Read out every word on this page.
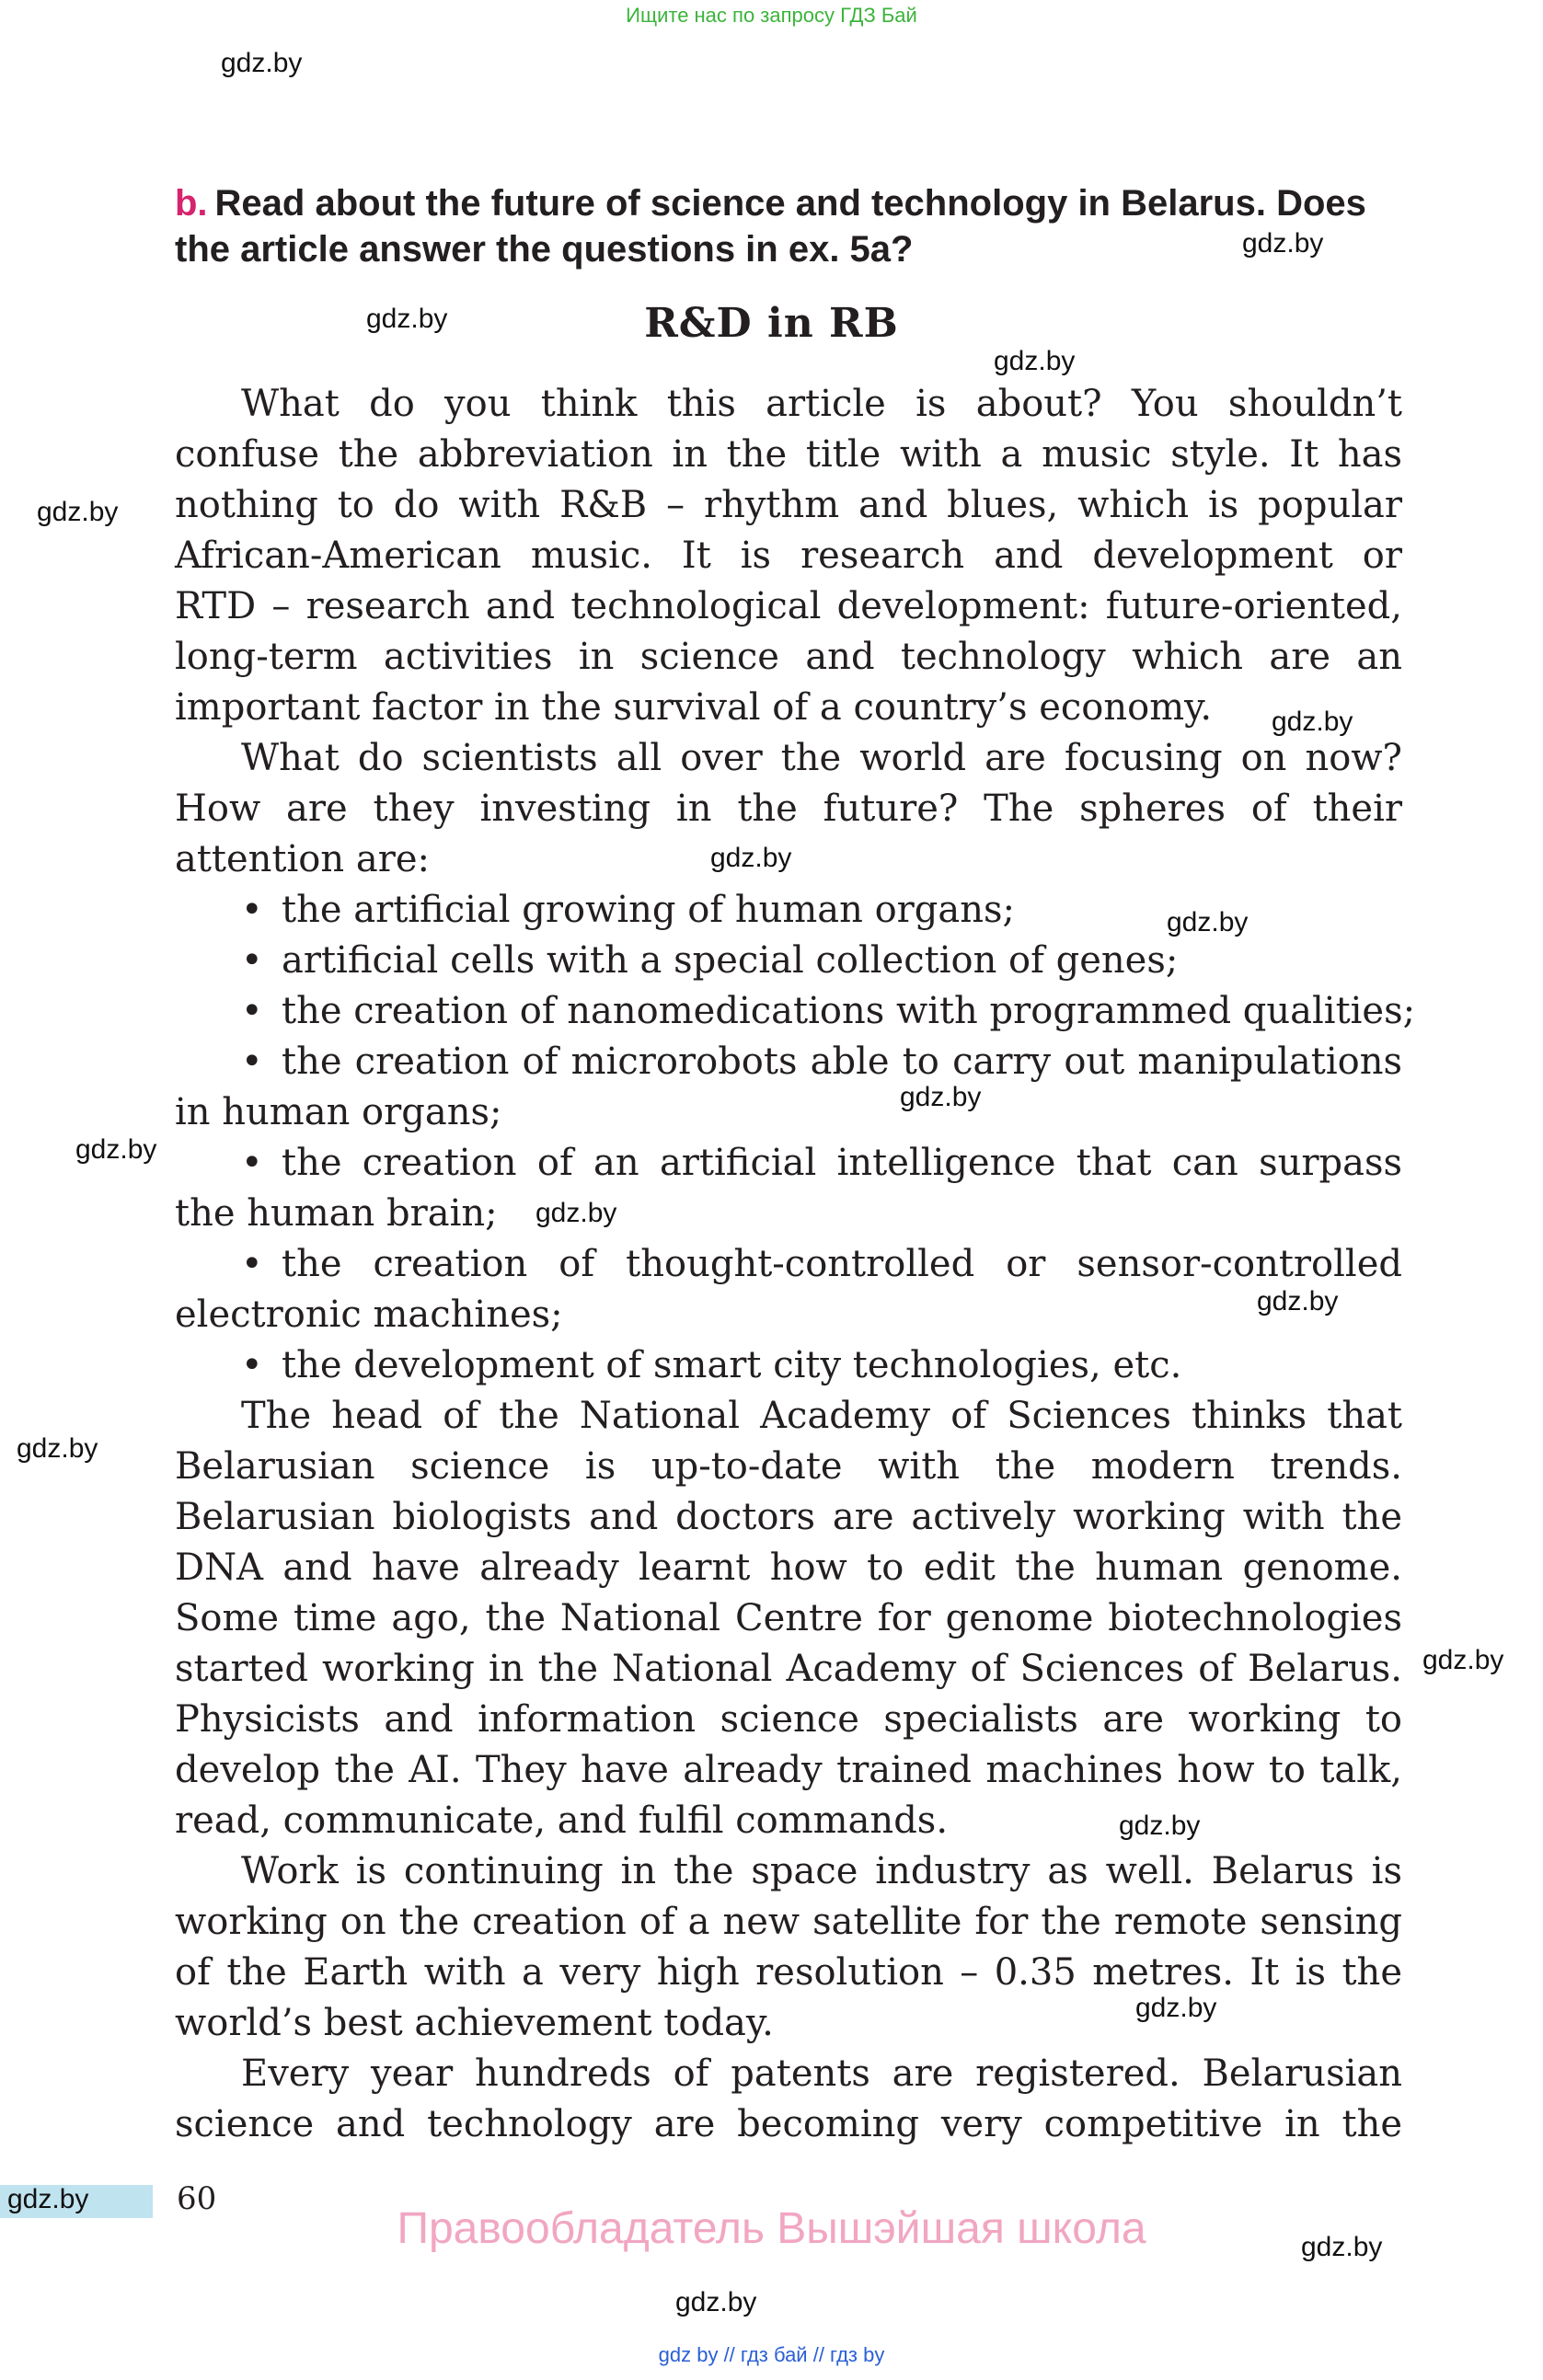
Ищите нас по запросу ГДЗ Бай
gdz.by
gdz.by
gdz.by
gdz.by
gdz.by
gdz.by
gdz.by
gdz.by
gdz.by
gdz.by
gdz.by
gdz.by
gdz.by
gdz.by
gdz.by
gdz.by
gdz.by
gdz.by
b. Read about the future of science and technology in Belarus. Does
the article answer the questions in ex. 5a?
R&D in RB
What do you think this article is about? You shouldn’t
confuse the abbreviation in the title with a music style. It has
nothing to do with R&B – rhythm and blues, which is popular
African-American music. It is research and development or
RTD – research and technological development: future-oriented,
long-term activities in science and technology which are an
important factor in the survival of a country’s economy.
What do scientists all over the world are focusing on now?
How are they investing in the future? The spheres of their
attention are:
• the artificial growing of human organs;
• artificial cells with a special collection of genes;
• the creation of nanomedications with programmed qualities;
• the creation of microrobots able to carry out manipulations
in human organs;
• the creation of an artificial intelligence that can surpass
the human brain;
• the creation of thought-controlled or sensor-controlled
electronic machines;
• the development of smart city technologies, etc.
The head of the National Academy of Sciences thinks that
Belarusian science is up-to-date with the modern trends.
Belarusian biologists and doctors are actively working with the
DNA and have already learnt how to edit the human genome.
Some time ago, the National Centre for genome biotechnologies
started working in the National Academy of Sciences of Belarus.
Physicists and information science specialists are working to
develop the AI. They have already trained machines how to talk,
read, communicate, and fulfil commands.
Work is continuing in the space industry as well. Belarus is
working on the creation of a new satellite for the remote sensing
of the Earth with a very high resolution – 0.35 metres. It is the
world’s best achievement today.
Every year hundreds of patents are registered. Belarusian
science and technology are becoming very competitive in the
gdz.by	60
Правообладатель Вышэйшая школа
gdz by // гдз бай // гдз by
